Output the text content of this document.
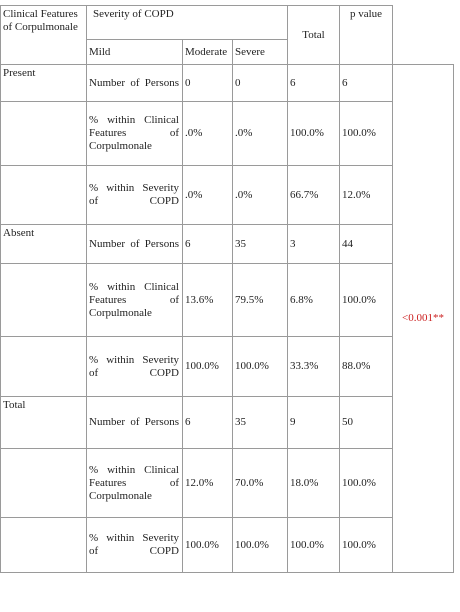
Clinical Features of Corpulmonale	Severity of COPD			Total	p value	
	Mild	Moderate	Severe			
Present	Number of Persons	0	0	6	6	<0.001**
	% within Clinical Features of Corpulmonale	.0%	.0%	100.0%	100.0%	
	% within Severity of COPD	.0%	.0%	66.7%	12.0%	
Absent	Number of Persons	6	35	3	44	
	% within Clinical Features of Corpulmonale	13.6%	79.5%	6.8%	100.0%	
	% within Severity of COPD	100.0%	100.0%	33.3%	88.0%	
Total	Number of Persons	6	35	9	50	
	% within Clinical Features of Corpulmonale	12.0%	70.0%	18.0%	100.0%	
	% within Severity of COPD	100.0%	100.0%	100.0%	100.0%	
